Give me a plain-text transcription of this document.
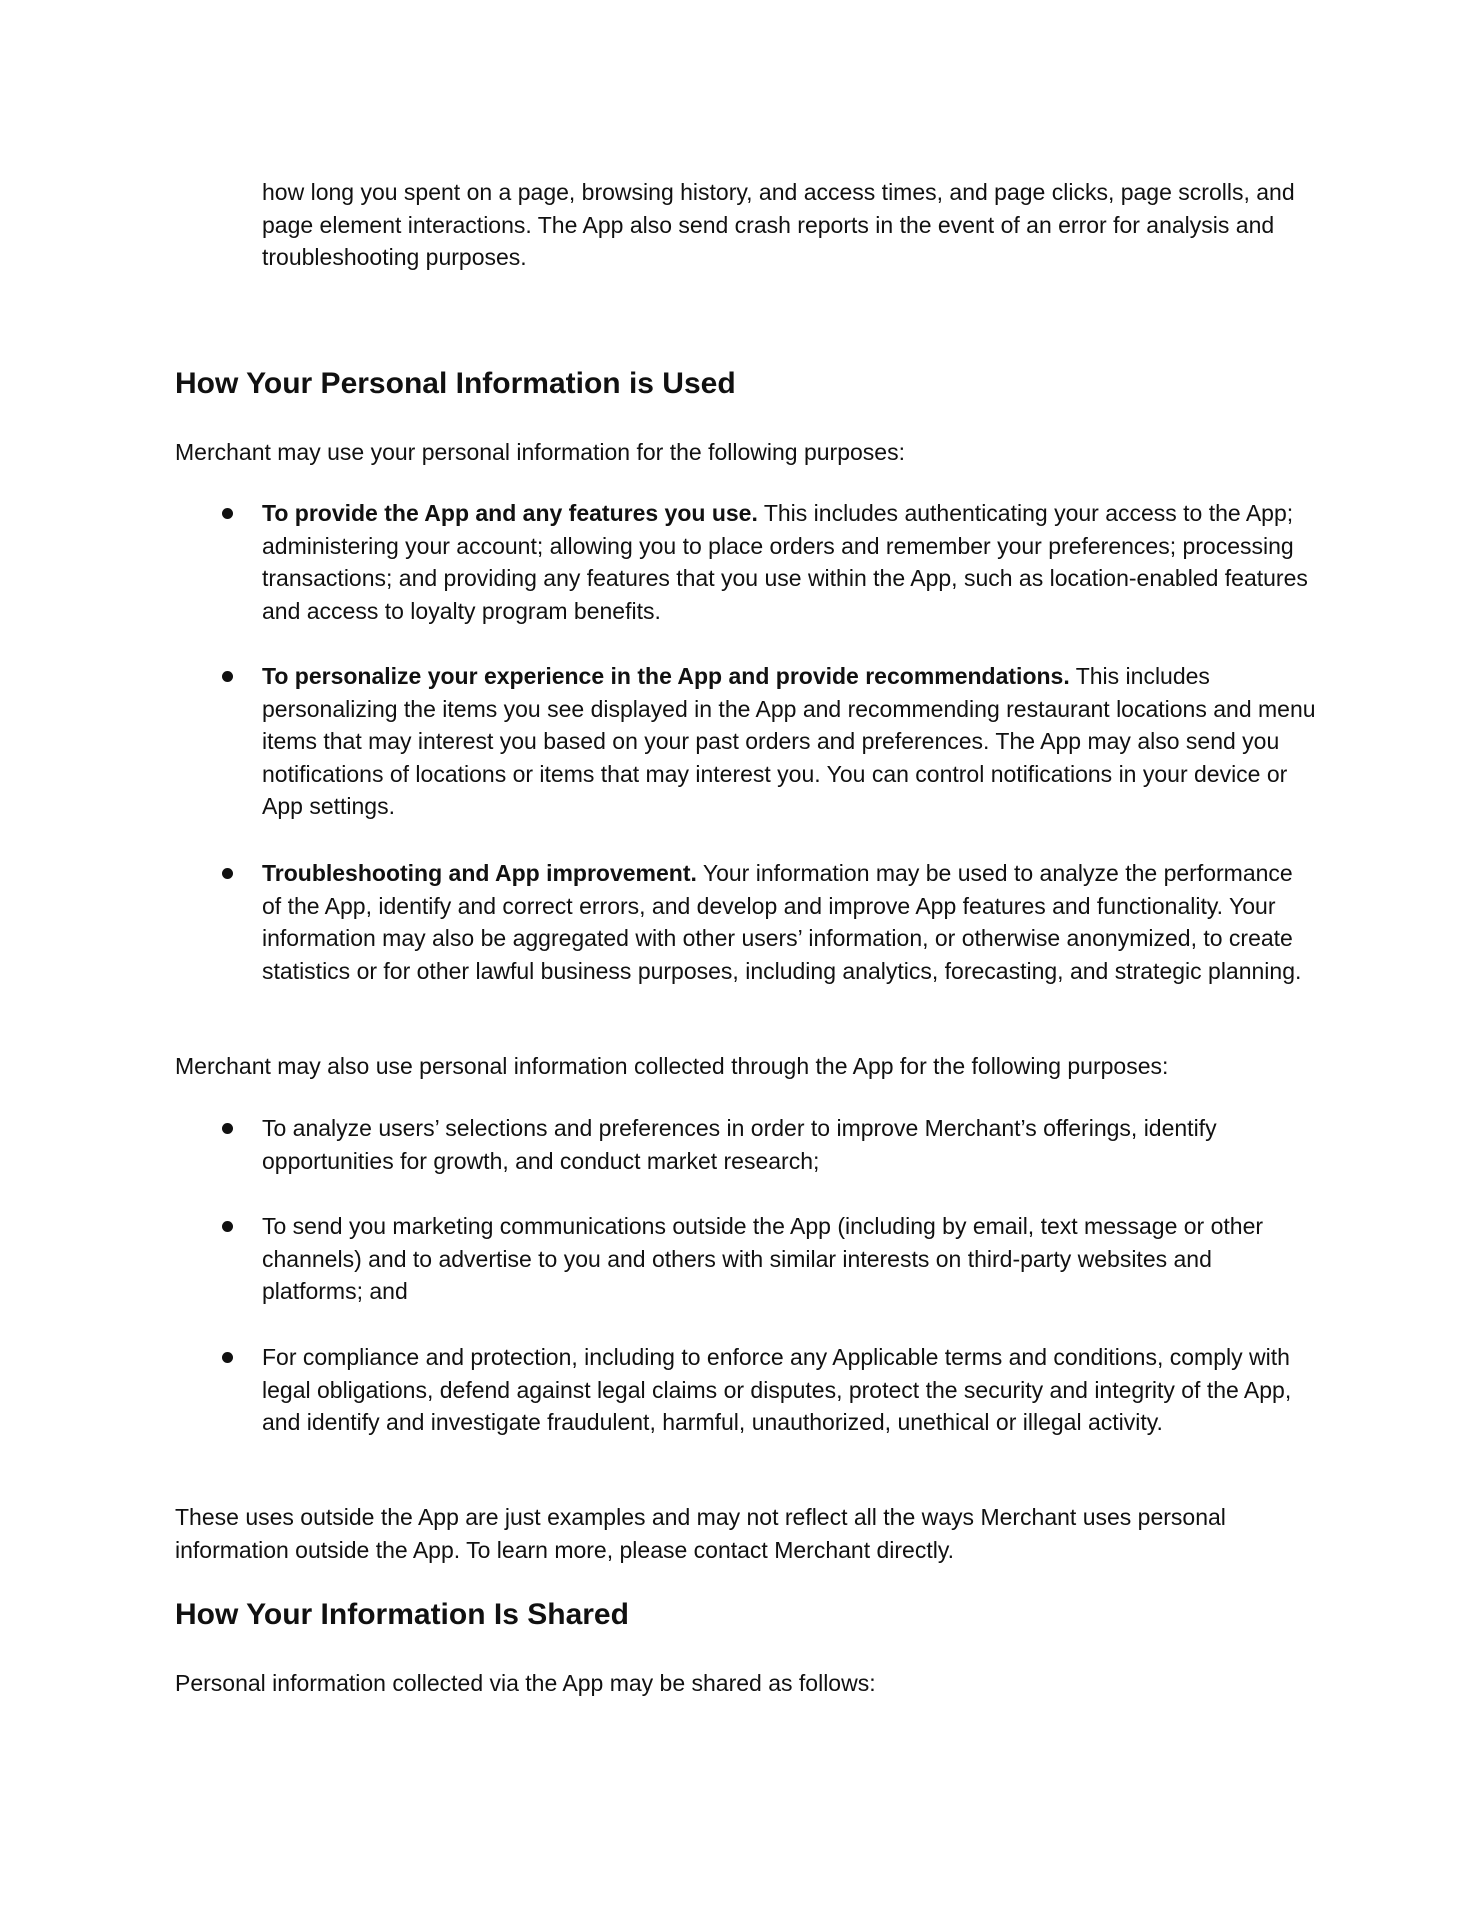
how long you spent on a page, browsing history, and access times, and page clicks, page scrolls, and page element interactions. The App also send crash reports in the event of an error for analysis and troubleshooting purposes.

How Your Personal Information is Used

Merchant may use your personal information for the following purposes:

To provide the App and any features you use. This includes authenticating your access to the App; administering your account; allowing you to place orders and remember your preferences; processing transactions; and providing any features that you use within the App, such as location-enabled features and access to loyalty program benefits.
To personalize your experience in the App and provide recommendations. This includes personalizing the items you see displayed in the App and recommending restaurant locations and menu items that may interest you based on your past orders and preferences. The App may also send you notifications of locations or items that may interest you. You can control notifications in your device or App settings.
Troubleshooting and App improvement. Your information may be used to analyze the performance of the App, identify and correct errors, and develop and improve App features and functionality. Your information may also be aggregated with other users’ information, or otherwise anonymized, to create statistics or for other lawful business purposes, including analytics, forecasting, and strategic planning.

Merchant may also use personal information collected through the App for the following purposes:

To analyze users’ selections and preferences in order to improve Merchant’s offerings, identify opportunities for growth, and conduct market research;
To send you marketing communications outside the App (including by email, text message or other channels) and to advertise to you and others with similar interests on third-party websites and platforms; and
For compliance and protection, including to enforce any Applicable terms and conditions, comply with legal obligations, defend against legal claims or disputes, protect the security and integrity of the App, and identify and investigate fraudulent, harmful, unauthorized, unethical or illegal activity.

These uses outside the App are just examples and may not reflect all the ways Merchant uses personal information outside the App. To learn more, please contact Merchant directly.

How Your Information Is Shared

Personal information collected via the App may be shared as follows:
